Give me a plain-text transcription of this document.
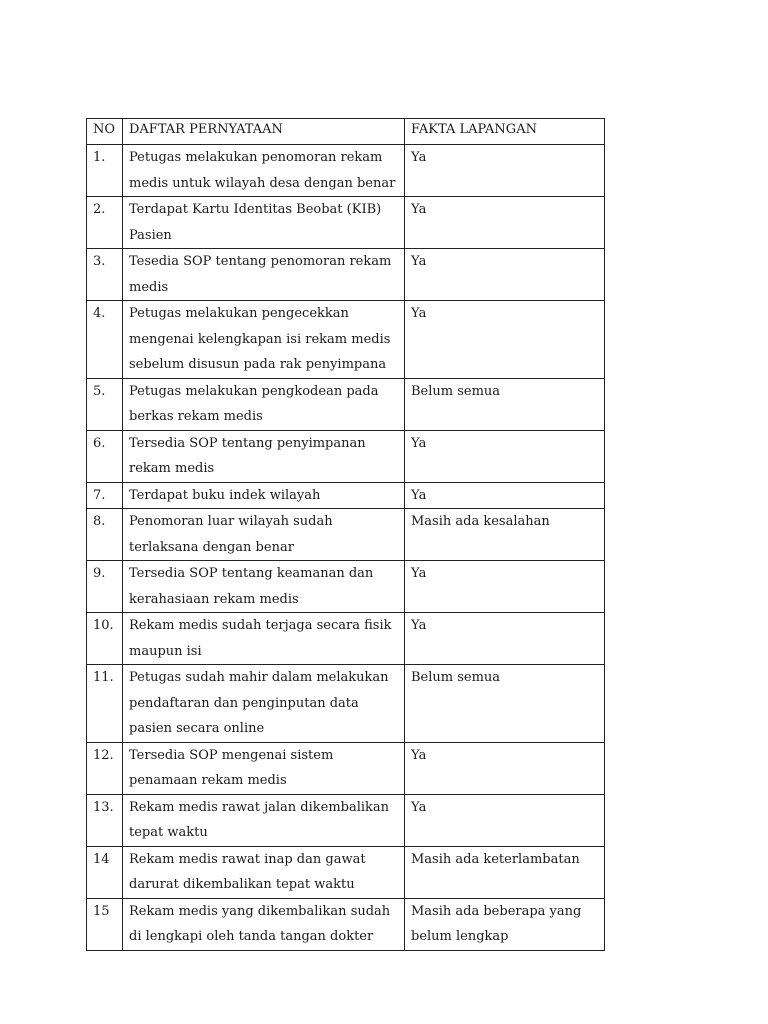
NO	DAFTAR PERNYATAAN	FAKTA LAPANGAN
1.	Petugas melakukan penomoran rekam medis untuk wilayah desa dengan benar	Ya
2.	Terdapat Kartu Identitas Beobat (KIB) Pasien	Ya
3.	Tesedia SOP tentang penomoran rekam medis	Ya
4.	Petugas melakukan pengecekkan mengenai kelengkapan isi rekam medis sebelum disusun pada rak penyimpana	Ya
5.	Petugas melakukan pengkodean pada berkas rekam medis	Belum semua
6.	Tersedia SOP tentang penyimpanan rekam medis	Ya
7.	Terdapat buku indek wilayah	Ya
8.	Penomoran luar wilayah sudah terlaksana dengan benar	Masih ada kesalahan
9.	Tersedia SOP tentang keamanan dan kerahasiaan rekam medis	Ya
10.	Rekam medis sudah terjaga secara fisik maupun isi	Ya
11.	Petugas sudah mahir dalam melakukan pendaftaran dan penginputan data pasien secara online	Belum semua
12.	Tersedia SOP mengenai sistem penamaan rekam medis	Ya
13.	Rekam medis rawat jalan dikembalikan tepat waktu	Ya
14	Rekam medis rawat inap dan gawat darurat dikembalikan tepat waktu	Masih ada keterlambatan
15	Rekam medis yang dikembalikan sudah di lengkapi oleh tanda tangan dokter	Masih ada beberapa yang belum lengkap
